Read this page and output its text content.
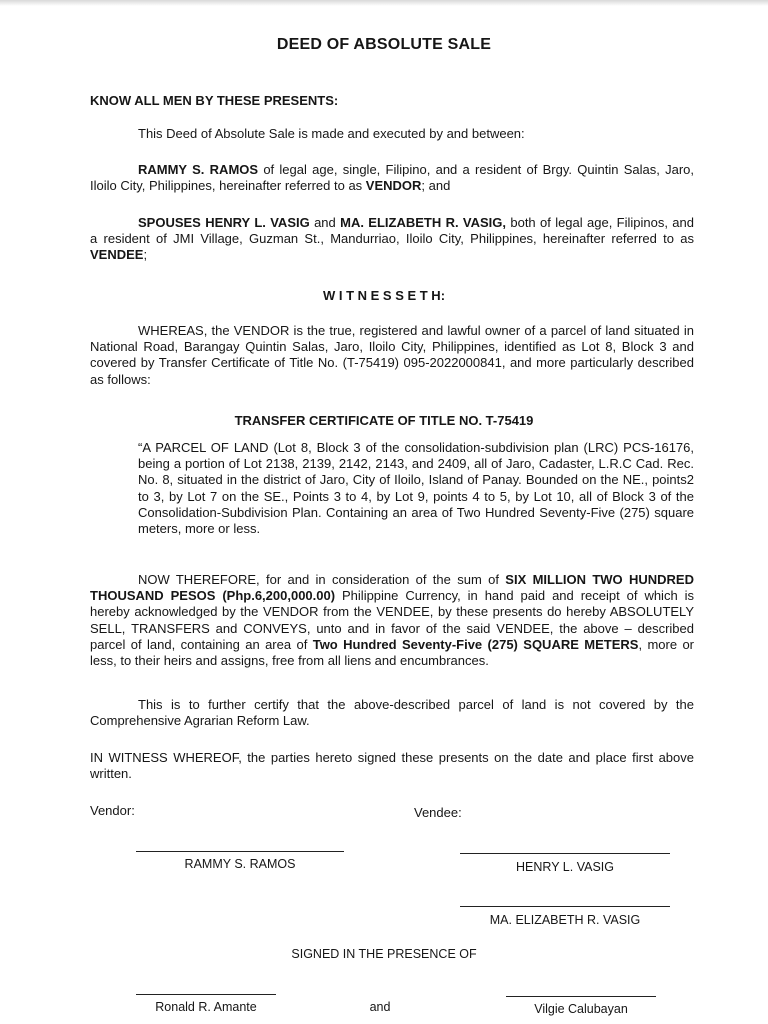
DEED OF ABSOLUTE SALE
KNOW ALL MEN BY THESE PRESENTS:
This Deed of Absolute Sale is made and executed by and between:
RAMMY S. RAMOS of legal age, single, Filipino, and a resident of Brgy. Quintin Salas, Jaro, Iloilo City, Philippines, hereinafter referred to as VENDOR; and
SPOUSES HENRY L. VASIG and MA. ELIZABETH R. VASIG, both of legal age, Filipinos, and a resident of JMI Village, Guzman St., Mandurriao, Iloilo City, Philippines, hereinafter referred to as VENDEE;
W I T N E S S E T H:
WHEREAS, the VENDOR is the true, registered and lawful owner of a parcel of land situated in National Road, Barangay Quintin Salas, Jaro, Iloilo City, Philippines, identified as Lot 8, Block 3 and covered by Transfer Certificate of Title No. (T-75419) 095-2022000841, and more particularly described as follows:
TRANSFER CERTIFICATE OF TITLE NO. T-75419
“A PARCEL OF LAND (Lot 8, Block 3 of the consolidation-subdivision plan (LRC) PCS-16176, being a portion of Lot 2138, 2139, 2142, 2143, and 2409, all of Jaro, Cadaster, L.R.C Cad. Rec. No. 8, situated in the district of Jaro, City of Iloilo, Island of Panay. Bounded on the NE., points2 to 3, by Lot 7 on the SE., Points 3 to 4, by Lot 9, points 4 to 5, by Lot 10, all of Block 3 of the Consolidation-Subdivision Plan. Containing an area of Two Hundred Seventy-Five (275) square meters, more or less.
NOW THEREFORE, for and in consideration of the sum of SIX MILLION TWO HUNDRED THOUSAND PESOS (Php.6,200,000.00) Philippine Currency, in hand paid and receipt of which is hereby acknowledged by the VENDOR from the VENDEE, by these presents do hereby ABSOLUTELY SELL, TRANSFERS and CONVEYS, unto and in favor of the said VENDEE, the above – described parcel of land, containing an area of Two Hundred Seventy-Five (275) SQUARE METERS, more or less, to their heirs and assigns, free from all liens and encumbrances.
This is to further certify that the above-described parcel of land is not covered by the Comprehensive Agrarian Reform Law.
IN WITNESS WHEREOF, the parties hereto signed these presents on the date and place first above written.
Vendor:	Vendee:
RAMMY S. RAMOS	HENRY L. VASIG
MA. ELIZABETH R. VASIG
SIGNED IN THE PRESENCE OF
Ronald R. Amante	and	Vilgie Calubayan
